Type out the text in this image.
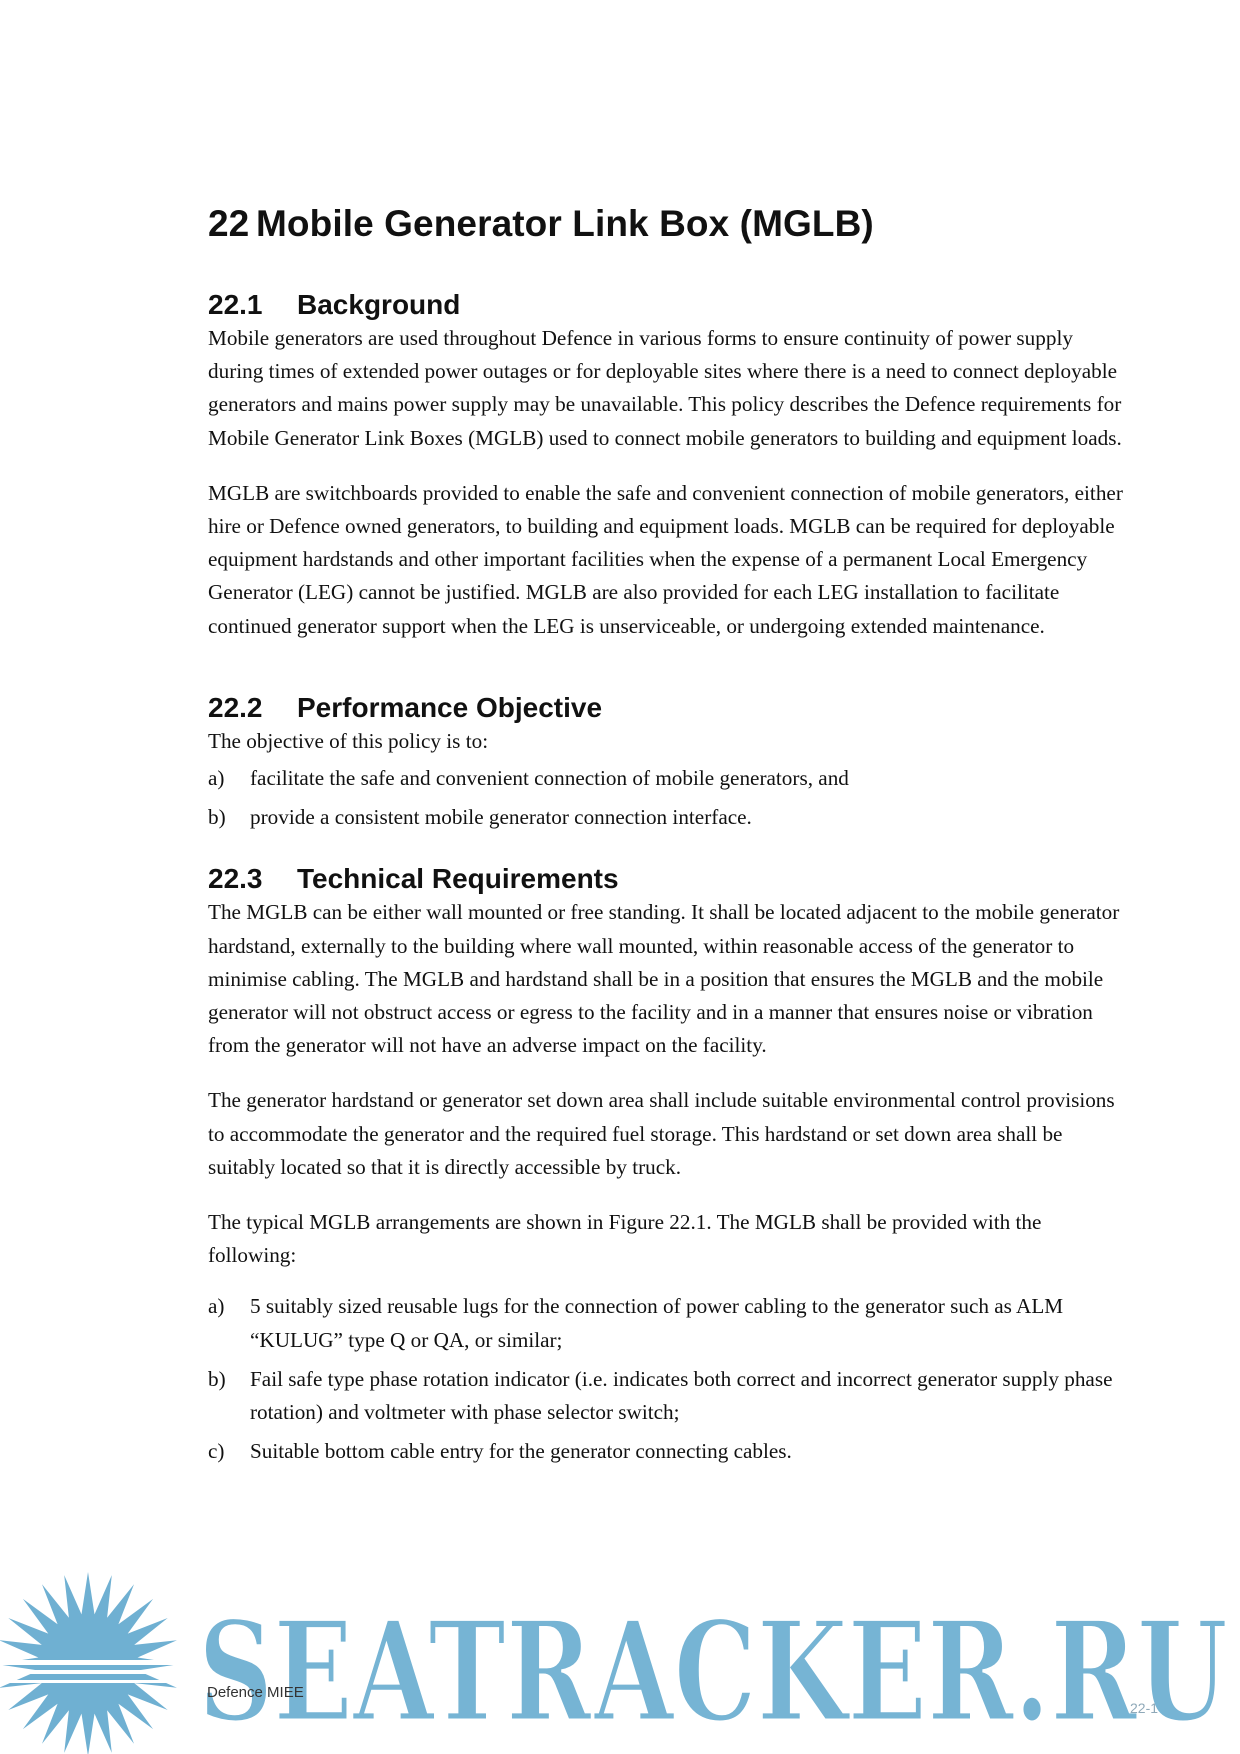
22 Mobile Generator Link Box (MGLB)
22.1 Background

Mobile generators are used throughout Defence in various forms to ensure continuity of power supply during times of extended power outages or for deployable sites where there is a need to connect deployable generators and mains power supply may be unavailable. This policy describes the Defence requirements for Mobile Generator Link Boxes (MGLB) used to connect mobile generators to building and equipment loads.

MGLB are switchboards provided to enable the safe and convenient connection of mobile generators, either hire or Defence owned generators, to building and equipment loads. MGLB can be required for deployable equipment hardstands and other important facilities when the expense of a permanent Local Emergency Generator (LEG) cannot be justified. MGLB are also provided for each LEG installation to facilitate continued generator support when the LEG is unserviceable, or undergoing extended maintenance.

22.2 Performance Objective

The objective of this policy is to:

a) facilitate the safe and convenient connection of mobile generators, and
b) provide a consistent mobile generator connection interface.
22.3 Technical Requirements

The MGLB can be either wall mounted or free standing. It shall be located adjacent to the mobile generator hardstand, externally to the building where wall mounted, within reasonable access of the generator to minimise cabling. The MGLB and hardstand shall be in a position that ensures the MGLB and the mobile generator will not obstruct access or egress to the facility and in a manner that ensures noise or vibration from the generator will not have an adverse impact on the facility.

The generator hardstand or generator set down area shall include suitable environmental control provisions to accommodate the generator and the required fuel storage. This hardstand or set down area shall be suitably located so that it is directly accessible by truck.

The typical MGLB arrangements are shown in Figure 22.1. The MGLB shall be provided with the following:

a) 5 suitably sized reusable lugs for the connection of power cabling to the generator such as ALM “KULUG” type Q or QA, or similar;
b) Fail safe type phase rotation indicator (i.e. indicates both correct and incorrect generator supply phase rotation) and voltmeter with phase selector switch;
c) Suitable bottom cable entry for the generator connecting cables.
SEATRACKER.RU
Defence MIEE
22-1
